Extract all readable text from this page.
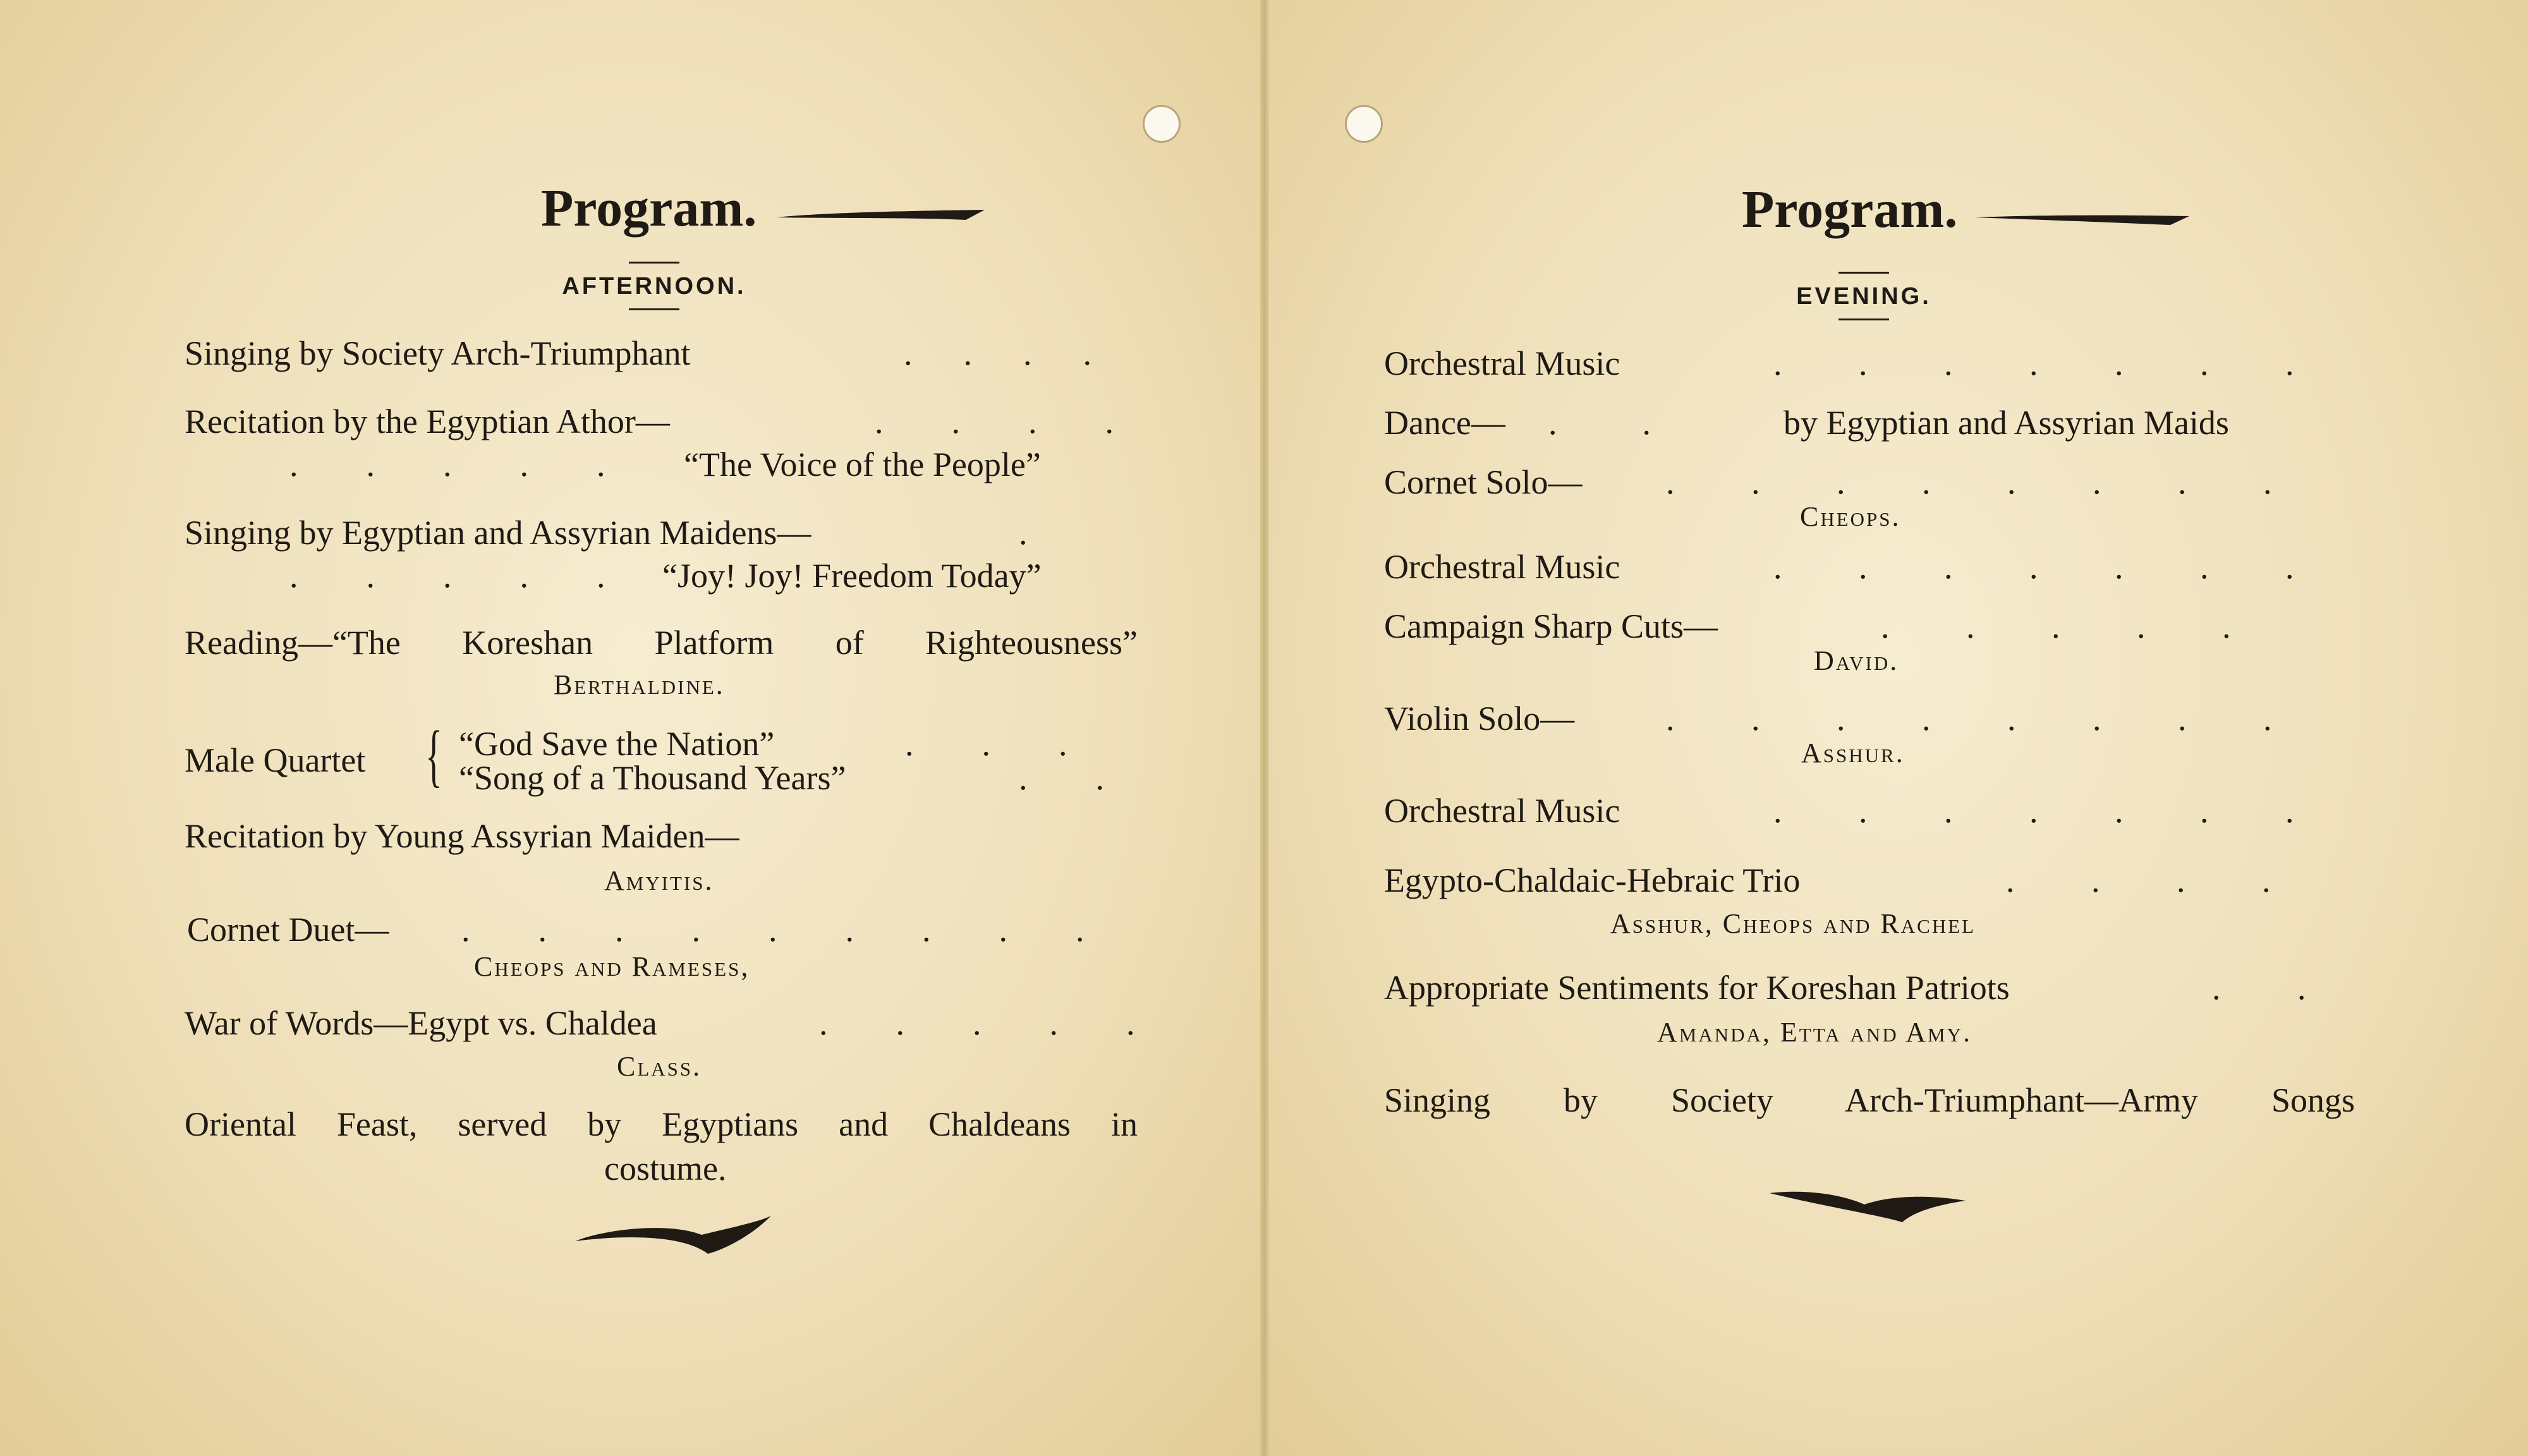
Program.
AFTERNOON.
Singing by Society Arch-Triumphant	.      .      .      .
Recitation by the Egyptian Athor—	.        .        .        .
.        .        .        .        . “The Voice of the People”
Singing by Egyptian and Assyrian Maidens—	.
.        .        .        .        . “Joy! Joy! Freedom Today”
Reading—“The Koreshan Platform of Righteousness”
Berthaldine.
Male Quartet { “God Save the Nation”	.        .        .
“Song of a Thousand Years”	.        .
Recitation by Young Assyrian Maiden—
Amyitis.
Cornet Duet— .        .        .        .        .        .        .        .        .
Cheops and Rameses,
War of Words—Egypt vs. Chaldea	.        .        .        .        .
Class.
Oriental Feast, served by Egyptians and Chaldeans in
costume.
Program.
EVENING.
Orchestral Music	.         .         .         .         .         .         .
Dance— .          .	by Egyptian and Assyrian Maids
Cornet Solo— .         .         .         .         .         .         .         .
Cheops.
Orchestral Music	.         .         .         .         .         .         .
Campaign Sharp Cuts—	.         .         .         .         .
David.
Violin Solo—	.         .         .         .         .         .         .         .
Asshur.
Orchestral Music	.         .         .         .         .         .         .
Egypto-Chaldaic-Hebraic Trio	.         .         .         .
Asshur, Cheops and Rachel
Appropriate Sentiments for Koreshan Patriots	.         .
Amanda, Etta and Amy.
Singing by Society Arch-Triumphant—Army Songs
